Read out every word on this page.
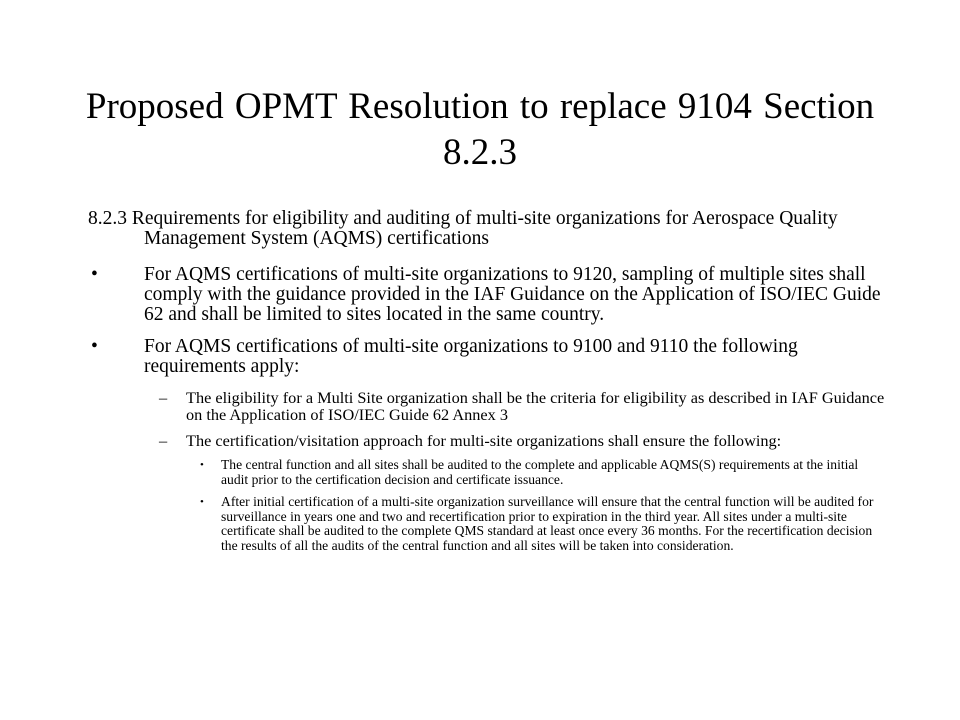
Proposed OPMT Resolution to replace 9104 Section 8.2.3
8.2.3 Requirements for eligibility and auditing of multi-site organizations for Aerospace Quality Management System (AQMS) certifications
• For AQMS certifications of multi-site organizations to 9120, sampling of multiple sites shall comply with the guidance provided in the IAF Guidance on the Application of ISO/IEC Guide 62 and shall be limited to sites located in the same country.
• For AQMS certifications of multi-site organizations to 9100 and 9110 the following requirements apply:
– The eligibility for a Multi Site organization shall be the criteria for eligibility as described in IAF Guidance on the Application of ISO/IEC Guide 62 Annex 3
– The certification/visitation approach for multi-site organizations shall ensure the following:
• The central function and all sites shall be audited to the complete and applicable AQMS(S) requirements at the initial audit prior to the certification decision and certificate issuance.
• After initial certification of a multi-site organization surveillance will ensure that the central function will be audited for surveillance in years one and two and recertification prior to expiration in the third year. All sites under a multi-site certificate shall be audited to the complete QMS standard at least once every 36 months. For the recertification decision the results of all the audits of the central function and all sites will be taken into consideration.
